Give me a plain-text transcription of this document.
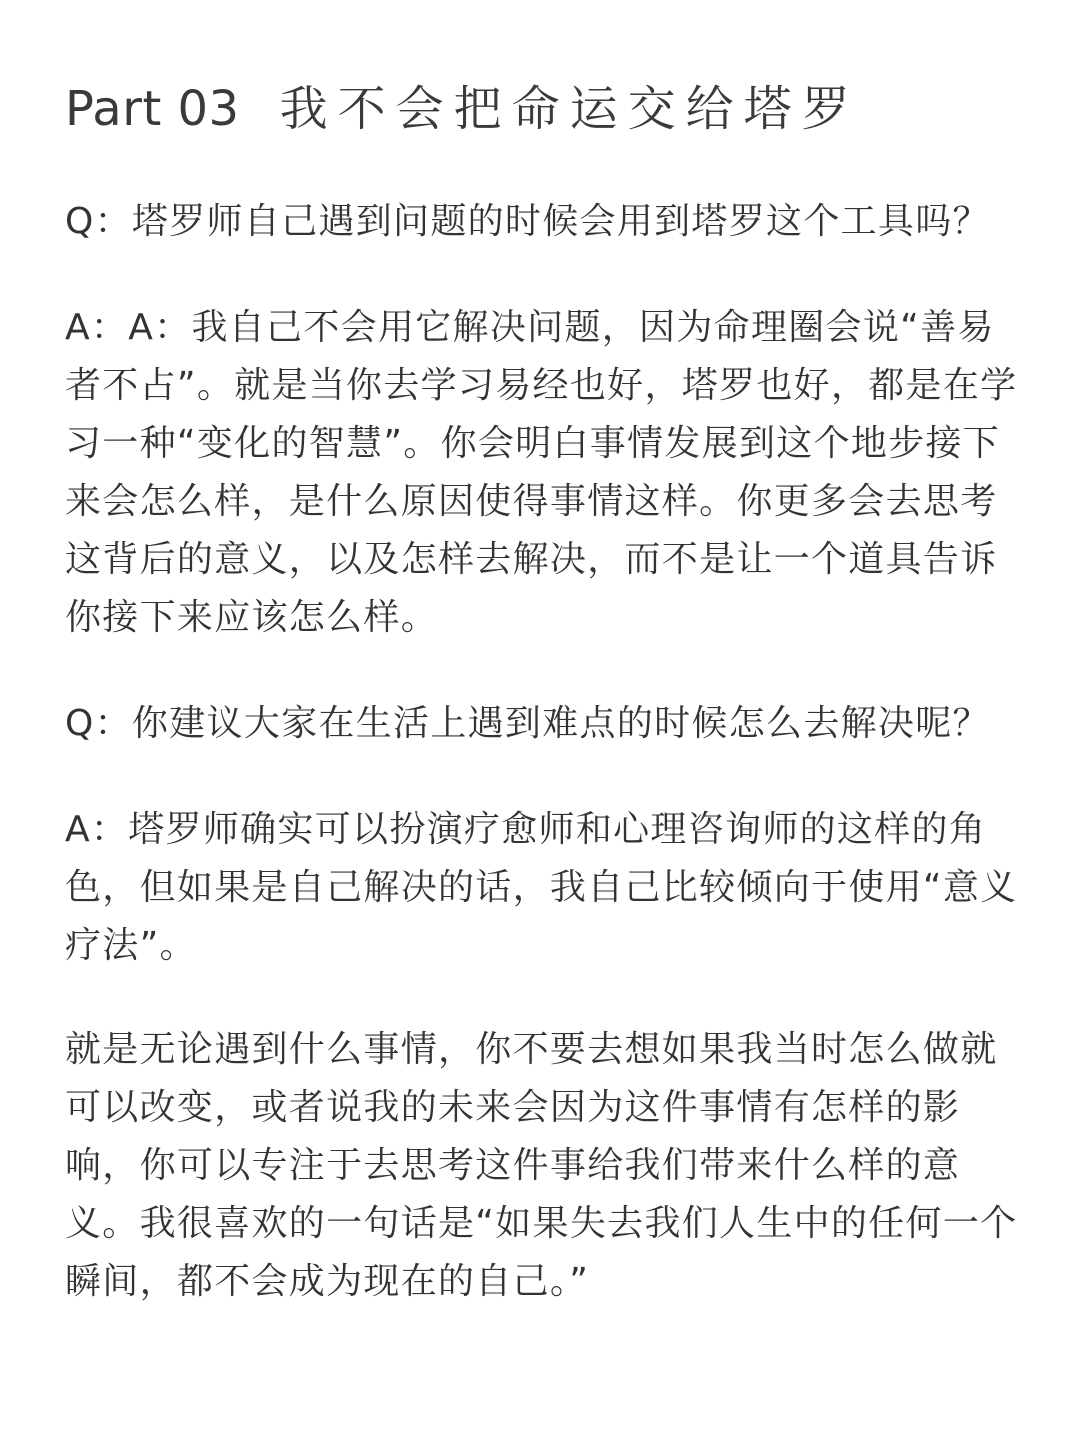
Part 03 我不会把命运交给塔罗

Q：塔罗师自己遇到问题的时候会用到塔罗这个工具吗？

A：A：我自己不会用它解决问题，因为命理圈会说“善易者不占”。就是当你去学习易经也好，塔罗也好，都是在学习一种“变化的智慧”。你会明白事情发展到这个地步接下来会怎么样，是什么原因使得事情这样。你更多会去思考这背后的意义，以及怎样去解决，而不是让一个道具告诉你接下来应该怎么样。

Q：你建议大家在生活上遇到难点的时候怎么去解决呢？

A：塔罗师确实可以扮演疗愈师和心理咨询师的这样的角色，但如果是自己解决的话，我自己比较倾向于使用“意义疗法”。

就是无论遇到什么事情，你不要去想如果我当时怎么做就可以改变，或者说我的未来会因为这件事情有怎样的影响，你可以专注于去思考这件事给我们带来什么样的意义。我很喜欢的一句话是“如果失去我们人生中的任何一个瞬间，都不会成为现在的自己。”
